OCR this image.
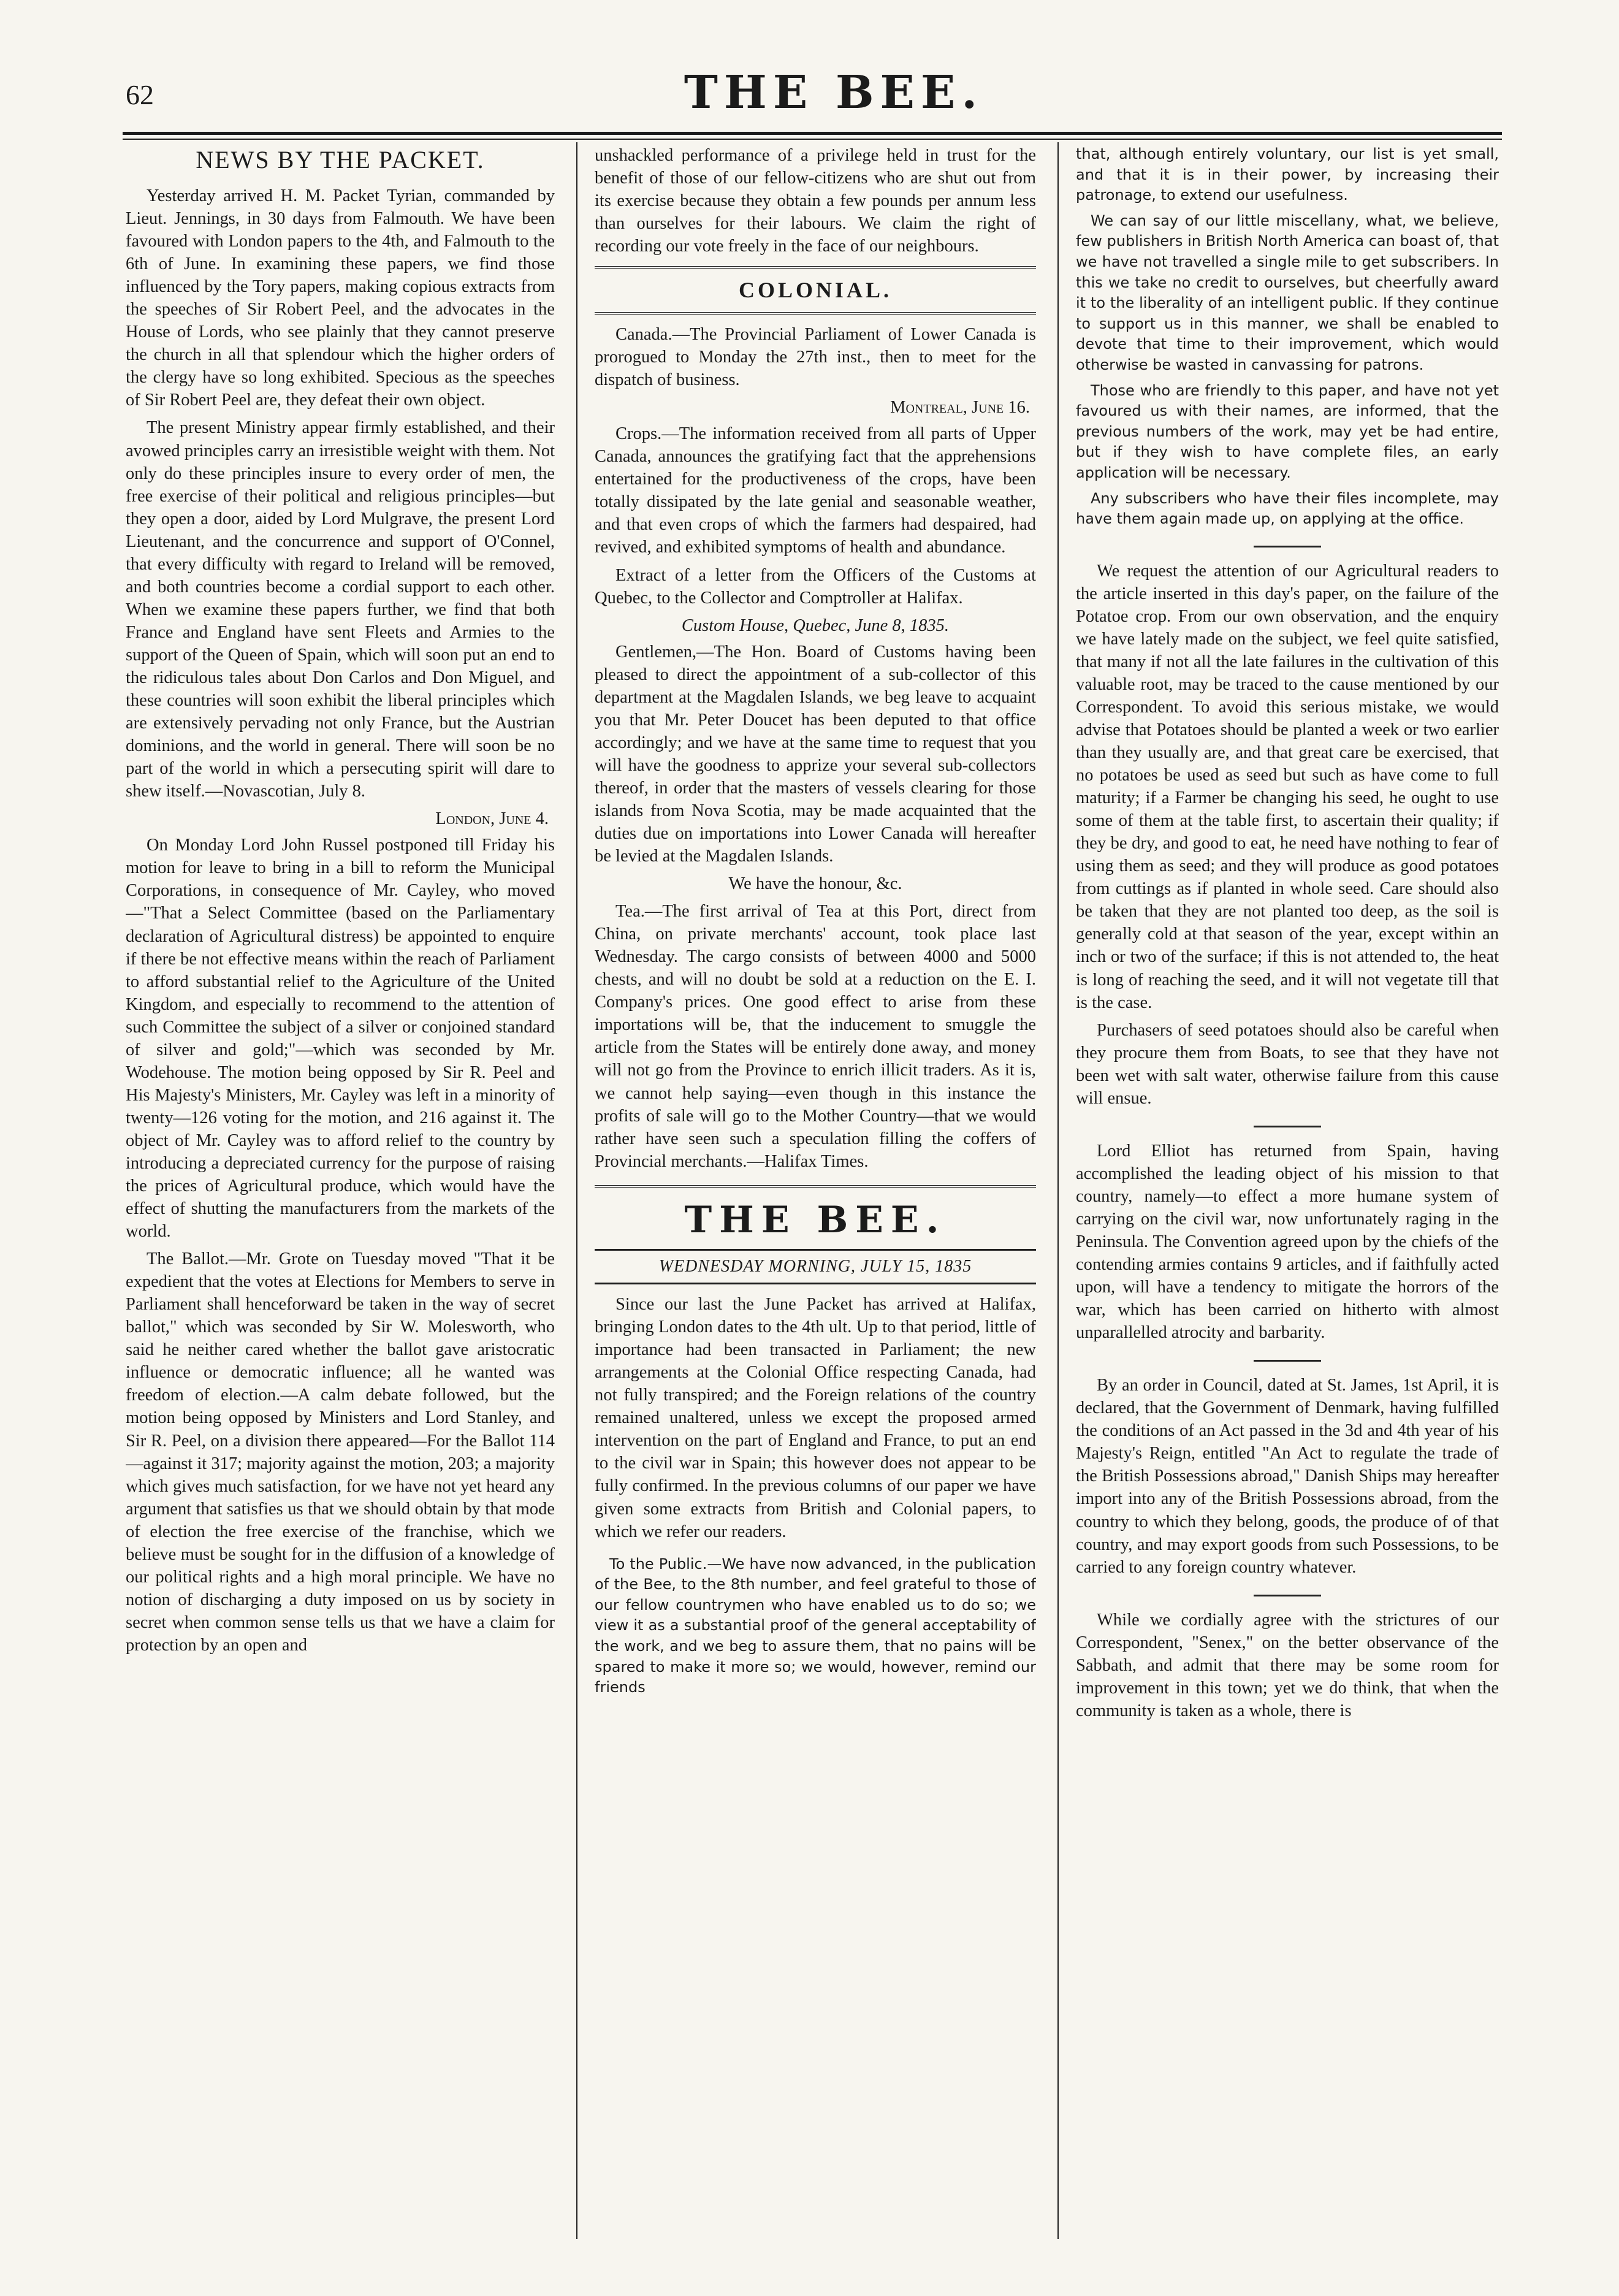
62	THE BEE.
NEWS BY THE PACKET.

Yesterday arrived H. M. Packet Tyrian, commanded by Lieut. Jennings, in 30 days from Falmouth. We have been favoured with London papers to the 4th, and Falmouth to the 6th of June. In examining these papers, we find those influenced by the Tory papers, making copious extracts from the speeches of Sir Robert Peel, and the advocates in the House of Lords, who see plainly that they cannot preserve the church in all that splendour which the higher orders of the clergy have so long exhibited. Specious as the speeches of Sir Robert Peel are, they defeat their own object.

The present Ministry appear firmly established, and their avowed principles carry an irresistible weight with them. Not only do these principles insure to every order of men, the free exercise of their political and religious principles—but they open a door, aided by Lord Mulgrave, the present Lord Lieutenant, and the concurrence and support of O'Connel, that every difficulty with regard to Ireland will be removed, and both countries become a cordial support to each other. When we examine these papers further, we find that both France and England have sent Fleets and Armies to the support of the Queen of Spain, which will soon put an end to the ridiculous tales about Don Carlos and Don Miguel, and these countries will soon exhibit the liberal principles which are extensively pervading not only France, but the Austrian dominions, and the world in general. There will soon be no part of the world in which a persecuting spirit will dare to shew itself.—Novascotian, July 8.

London, June 4.

On Monday Lord John Russel postponed till Friday his motion for leave to bring in a bill to reform the Municipal Corporations, in consequence of Mr. Cayley, who moved—"That a Select Committee (based on the Parliamentary declaration of Agricultural distress) be appointed to enquire if there be not effective means within the reach of Parliament to afford substantial relief to the Agriculture of the United Kingdom, and especially to recommend to the attention of such Committee the subject of a silver or conjoined standard of silver and gold;"—which was seconded by Mr. Wodehouse. The motion being opposed by Sir R. Peel and His Majesty's Ministers, Mr. Cayley was left in a minority of twenty—126 voting for the motion, and 216 against it. The object of Mr. Cayley was to afford relief to the country by introducing a depreciated currency for the purpose of raising the prices of Agricultural produce, which would have the effect of shutting the manufacturers from the markets of the world.

The Ballot.—Mr. Grote on Tuesday moved "That it be expedient that the votes at Elections for Members to serve in Parliament shall henceforward be taken in the way of secret ballot," which was seconded by Sir W. Molesworth, who said he neither cared whether the ballot gave aristocratic influence or democratic influence; all he wanted was freedom of election.—A calm debate followed, but the motion being opposed by Ministers and Lord Stanley, and Sir R. Peel, on a division there appeared—For the Ballot 114—against it 317; majority against the motion, 203; a majority which gives much satisfaction, for we have not yet heard any argument that satisfies us that we should obtain by that mode of election the free exercise of the franchise, which we believe must be sought for in the diffusion of a knowledge of our political rights and a high moral principle. We have no notion of discharging a duty imposed on us by society in secret when common sense tells us that we have a claim for protection by an open and

unshackled performance of a privilege held in trust for the benefit of those of our fellow-citizens who are shut out from its exercise because they obtain a few pounds per annum less than ourselves for their labours. We claim the right of recording our vote freely in the face of our neighbours.

COLONIAL.

Canada.—The Provincial Parliament of Lower Canada is prorogued to Monday the 27th inst., then to meet for the dispatch of business.

Montreal, June 16.

Crops.—The information received from all parts of Upper Canada, announces the gratifying fact that the apprehensions entertained for the productiveness of the crops, have been totally dissipated by the late genial and seasonable weather, and that even crops of which the farmers had despaired, had revived, and exhibited symptoms of health and abundance.

Extract of a letter from the Officers of the Customs at Quebec, to the Collector and Comptroller at Halifax.

Custom House, Quebec, June 8, 1835.

Gentlemen,—The Hon. Board of Customs having been pleased to direct the appointment of a sub-collector of this department at the Magdalen Islands, we beg leave to acquaint you that Mr. Peter Doucet has been deputed to that office accordingly; and we have at the same time to request that you will have the goodness to apprize your several sub-collectors thereof, in order that the masters of vessels clearing for those islands from Nova Scotia, may be made acquainted that the duties due on importations into Lower Canada will hereafter be levied at the Magdalen Islands.

We have the honour, &c.

Tea.—The first arrival of Tea at this Port, direct from China, on private merchants' account, took place last Wednesday. The cargo consists of between 4000 and 5000 chests, and will no doubt be sold at a reduction on the E. I. Company's prices. One good effect to arise from these importations will be, that the inducement to smuggle the article from the States will be entirely done away, and money will not go from the Province to enrich illicit traders. As it is, we cannot help saying—even though in this instance the profits of sale will go to the Mother Country—that we would rather have seen such a speculation filling the coffers of Provincial merchants.—Halifax Times.

THE BEE.
WEDNESDAY MORNING, JULY 15, 1835

Since our last the June Packet has arrived at Halifax, bringing London dates to the 4th ult. Up to that period, little of importance had been transacted in Parliament; the new arrangements at the Colonial Office respecting Canada, had not fully transpired; and the Foreign relations of the country remained unaltered, unless we except the proposed armed intervention on the part of England and France, to put an end to the civil war in Spain; this however does not appear to be fully confirmed. In the previous columns of our paper we have given some extracts from British and Colonial papers, to which we refer our readers.

To the Public.—We have now advanced, in the publication of the Bee, to the 8th number, and feel grateful to those of our fellow countrymen who have enabled us to do so; we view it as a substantial proof of the general acceptability of the work, and we beg to assure them, that no pains will be spared to make it more so; we would, however, remind our friends

that, although entirely voluntary, our list is yet small, and that it is in their power, by increasing their patronage, to extend our usefulness.

We can say of our little miscellany, what, we believe, few publishers in British North America can boast of, that we have not travelled a single mile to get subscribers. In this we take no credit to ourselves, but cheerfully award it to the liberality of an intelligent public. If they continue to support us in this manner, we shall be enabled to devote that time to their improvement, which would otherwise be wasted in canvassing for patrons.

Those who are friendly to this paper, and have not yet favoured us with their names, are informed, that the previous numbers of the work, may yet be had entire, but if they wish to have complete files, an early application will be necessary.

Any subscribers who have their files incomplete, may have them again made up, on applying at the office.

We request the attention of our Agricultural readers to the article inserted in this day's paper, on the failure of the Potatoe crop. From our own observation, and the enquiry we have lately made on the subject, we feel quite satisfied, that many if not all the late failures in the cultivation of this valuable root, may be traced to the cause mentioned by our Correspondent. To avoid this serious mistake, we would advise that Potatoes should be planted a week or two earlier than they usually are, and that great care be exercised, that no potatoes be used as seed but such as have come to full maturity; if a Farmer be changing his seed, he ought to use some of them at the table first, to ascertain their quality; if they be dry, and good to eat, he need have nothing to fear of using them as seed; and they will produce as good potatoes from cuttings as if planted in whole seed. Care should also be taken that they are not planted too deep, as the soil is generally cold at that season of the year, except within an inch or two of the surface; if this is not attended to, the heat is long of reaching the seed, and it will not vegetate till that is the case.

Purchasers of seed potatoes should also be careful when they procure them from Boats, to see that they have not been wet with salt water, otherwise failure from this cause will ensue.

Lord Elliot has returned from Spain, having accomplished the leading object of his mission to that country, namely—to effect a more humane system of carrying on the civil war, now unfortunately raging in the Peninsula. The Convention agreed upon by the chiefs of the contending armies contains 9 articles, and if faithfully acted upon, will have a tendency to mitigate the horrors of the war, which has been carried on hitherto with almost unparallelled atrocity and barbarity.

By an order in Council, dated at St. James, 1st April, it is declared, that the Government of Denmark, having fulfilled the conditions of an Act passed in the 3d and 4th year of his Majesty's Reign, entitled "An Act to regulate the trade of the British Possessions abroad," Danish Ships may hereafter import into any of the British Possessions abroad, from the country to which they belong, goods, the produce of of that country, and may export goods from such Possessions, to be carried to any foreign country whatever.

While we cordially agree with the strictures of our Correspondent, "Senex," on the better observance of the Sabbath, and admit that there may be some room for improvement in this town; yet we do think, that when the community is taken as a whole, there is
